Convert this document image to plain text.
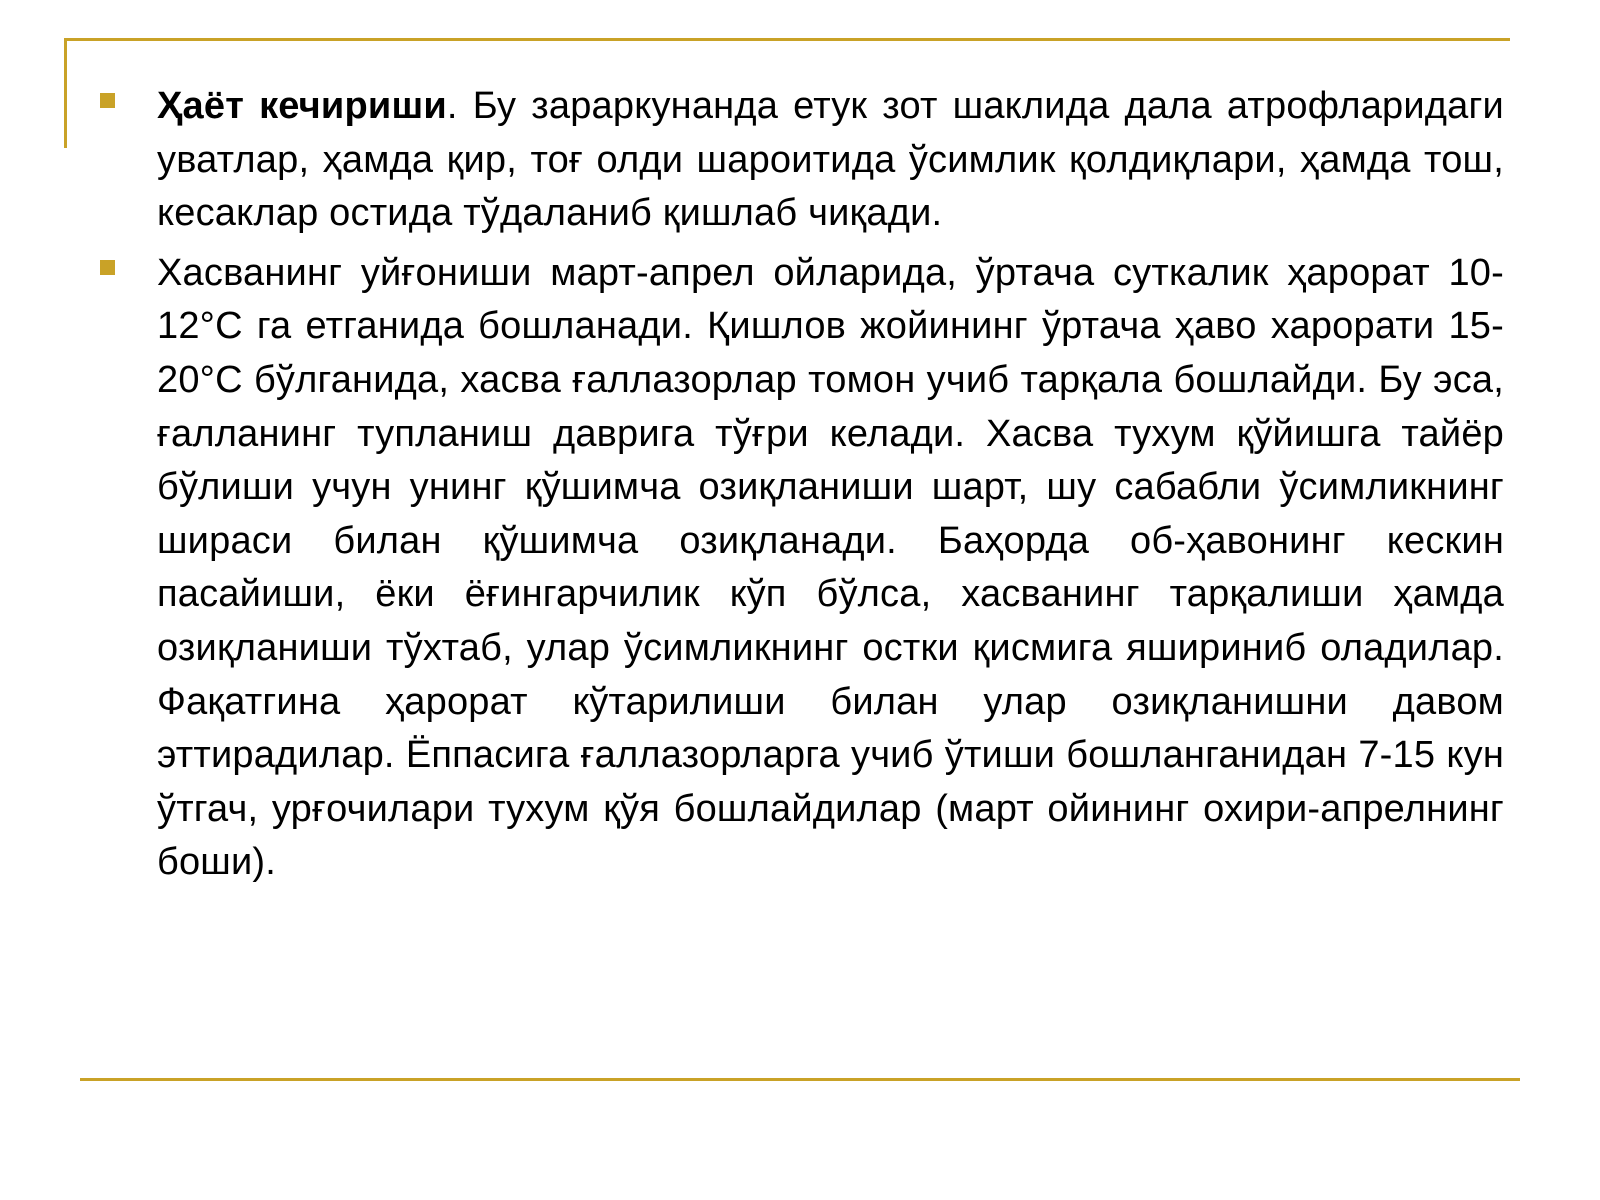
Ҳаёт кечириши. Бу зараркунанда етук зот шаклида дала атрофларидаги уватлар, ҳамда қир, тоғ олди шароитида ўсимлик қолдиқлари, ҳамда тош, кесаклар остида тўдаланиб қишлаб чиқади.

Хасванинг уйғониши март-апрел ойларида, ўртача суткалик ҳарорат 10-12°С га етганида бошланади. Қишлов жойининг ўртача ҳаво харорати 15-20°С бўлганида, хасва ғаллазорлар томон учиб тарқала бошлайди. Бу эса, ғалланинг тупланиш даврига тўғри келади. Хасва тухум қўйишга тайёр бўлиши учун унинг қўшимча озиқланиши шарт, шу сабабли ўсимликнинг шираси билан қўшимча озиқланади. Баҳорда об-ҳавонинг кескин пасайиши, ёки ёғингарчилик кўп бўлса, хасванинг тарқалиши ҳамда озиқланиши тўхтаб, улар ўсимликнинг остки қисмига яшириниб оладилар. Фақатгина ҳарорат кўтарилиши билан улар озиқланишни давом эттирадилар. Ёппасига ғаллазорларга учиб ўтиши бошланганидан 7-15 кун ўтгач, урғочилари тухум қўя бошлайдилар (март ойининг охири-апрелнинг боши).
